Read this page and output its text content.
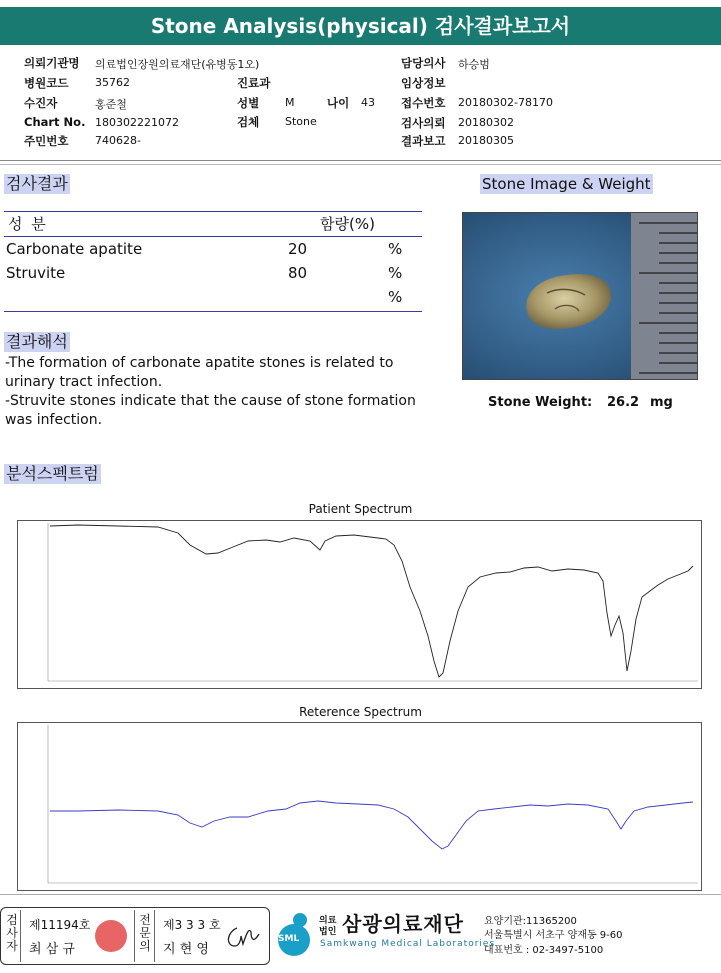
Stone Analysis(physical) 검사결과보고서
의뢰기관명 의료법인장원의료재단(유병동1오)
병원코드 35762
수진자	홍준철
Chart No. 180302221072
주민번호 740628-
진료과
성별 M	나이 43
검체 Stone
담당의사 하승범
임상정보
접수번호 20180302-78170
검사의뢰 20180302
결과보고 20180305
검사결과
성 분	함량(%)
Carbonate apatite	20	%
Struvite	80	%
%
결과해석
-The formation of carbonate apatite stones is related to
urinary tract infection.
-Struvite stones indicate that the cause of stone formation
was infection.
Stone Image & Weight
Stone Weight: 26.2 mg
분석스펙트럼
Patient Spectrum
Reterence Spectrum
검사자
제11194호
최 삼 규
전문의
제3 3 3 호
지 현 영
SML
의료
법인 삼광의료재단
Samkwang Medical Laboratories
요양기관:11365200
서울특별시 서초구 양재동 9-60
대표번호 : 02-3497-5100
